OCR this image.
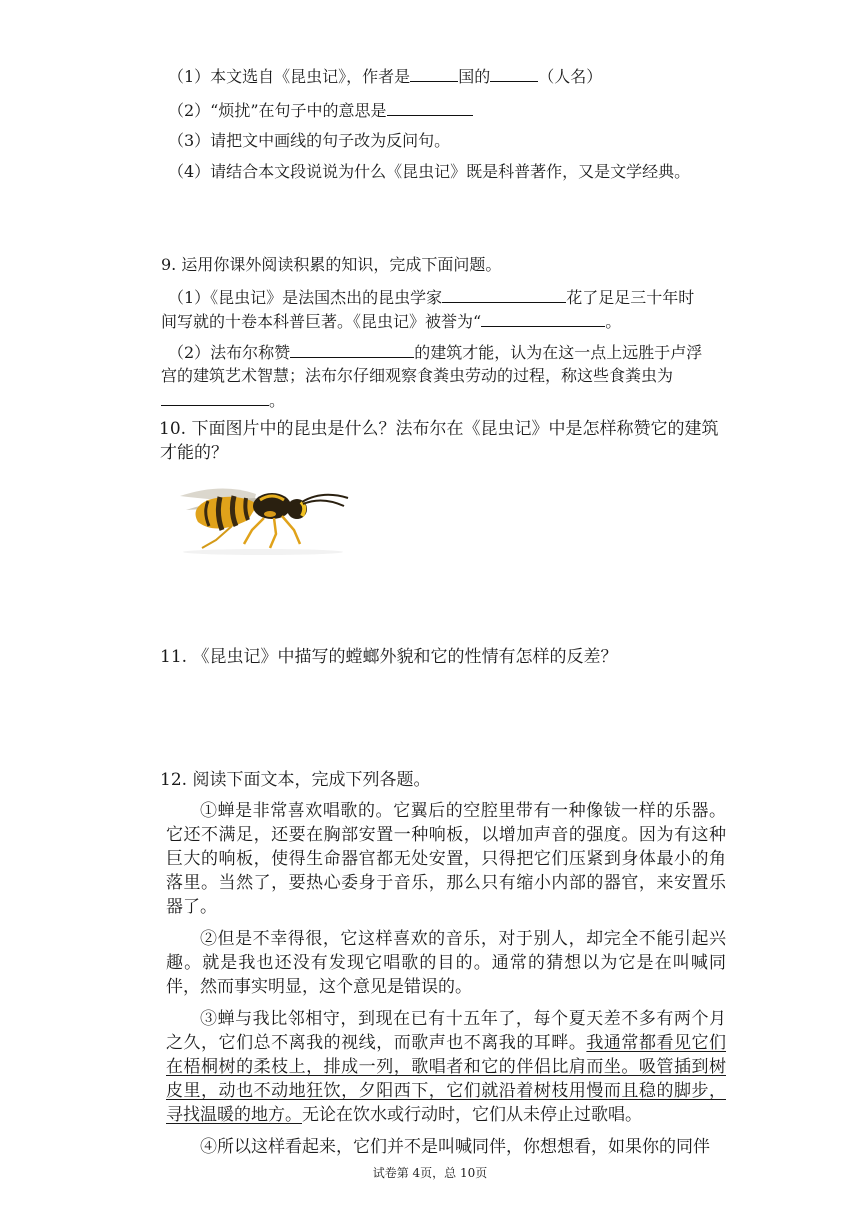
（1）本文选自《昆虫记》，作者是	国的	（人名）
（2）“烦扰”在句子中的意思是
（3）请把文中画线的句子改为反问句。
（4）请结合本文段说说为什么《昆虫记》既是科普著作，又是文学经典。
9. 运用你课外阅读积累的知识，完成下面问题。
（1）《昆虫记》是法国杰出的昆虫学家	花了足足三十年时
间写就的十卷本科普巨著。《昆虫记》被誉为“	。
（2）法布尔称赞	的建筑才能，认为在这一点上远胜于卢浮
宫的建筑艺术智慧；法布尔仔细观察食粪虫劳动的过程，称这些食粪虫为
。
10. 下面图片中的昆虫是什么？法布尔在《昆虫记》中是怎样称赞它的建筑
才能的？
11. 《昆虫记》中描写的螳螂外貌和它的性情有怎样的反差？
12. 阅读下面文本，完成下列各题。

①蝉是非常喜欢唱歌的。它翼后的空腔里带有一种像钹一样的乐器。它还不满足，还要在胸部安置一种响板，以增加声音的强度。因为有这种巨大的响板，使得生命器官都无处安置，只得把它们压紧到身体最小的角落里。当然了，要热心委身于音乐，那么只有缩小内部的器官，来安置乐器了。

②但是不幸得很，它这样喜欢的音乐，对于别人，却完全不能引起兴趣。就是我也还没有发现它唱歌的目的。通常的猜想以为它是在叫喊同伴，然而事实明显，这个意见是错误的。

③蝉与我比邻相守，到现在已有十五年了，每个夏天差不多有两个月之久，它们总不离我的视线，而歌声也不离我的耳畔。我通常都看见它们在梧桐树的柔枝上，排成一列，歌唱者和它的伴侣比肩而坐。吸管插到树皮里，动也不动地狂饮，夕阳西下，它们就沿着树枝用慢而且稳的脚步，寻找温暖的地方。无论在饮水或行动时，它们从未停止过歌唱。

④所以这样看起来，它们并不是叫喊同伴，你想想看，如果你的同伴

试卷第 4页，总 10页
